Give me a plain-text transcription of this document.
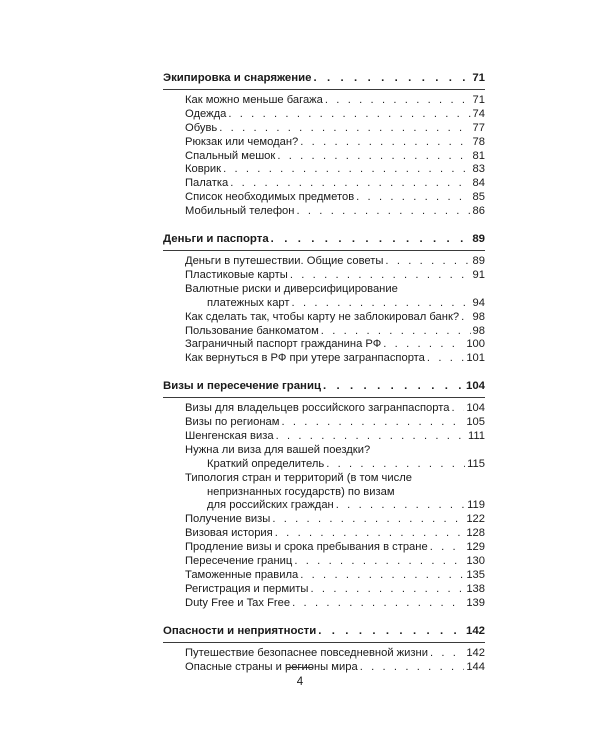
Экипировка и снаряжение . . .	71
Как можно меньше багажа . . .	71
Одежда . . .	74
Обувь . . .	77
Рюкзак или чемодан? . . .	78
Спальный мешок . . .	81
Коврик . . .	83
Палатка . . .	84
Список необходимых предметов . . .	85
Мобильный телефон . . .	86
Деньги и паспорта . . .	89
Деньги в путешествии. Общие советы . . .	89
Пластиковые карты . . .	91
Валютные риски и диверсифицирование
платежных карт . . .	94
Как сделать так, чтобы карту не заблокировал банк? . . . 98
Пользование банкоматом . . .	98
Заграничный паспорт гражданина РФ . . .	100
Как вернуться в РФ при утере загранпаспорта . . .	101
Визы и пересечение границ . . .	104
Визы для владельцев российского загранпаспорта . . . 104
Визы по регионам . . .	105
Шенгенская виза . . .	111
Нужна ли виза для вашей поездки?
Краткий определитель . . .	115
Типология стран и территорий (в том числе
непризнанных государств) по визам
для российских граждан . . .	119
Получение визы . . .	122
Визовая история . . .	128
Продление визы и срока пребывания в стране . . .	129
Пересечение границ . . .	130
Таможенные правила . . .	135
Регистрация и пермиты . . .	138
Duty Free и Tax Free . . .	139
Опасности и неприятности . . .	142
Путешествие безопаснее повседневной жизни . . .	142
Опасные страны и регионы мира . . .	144
4
